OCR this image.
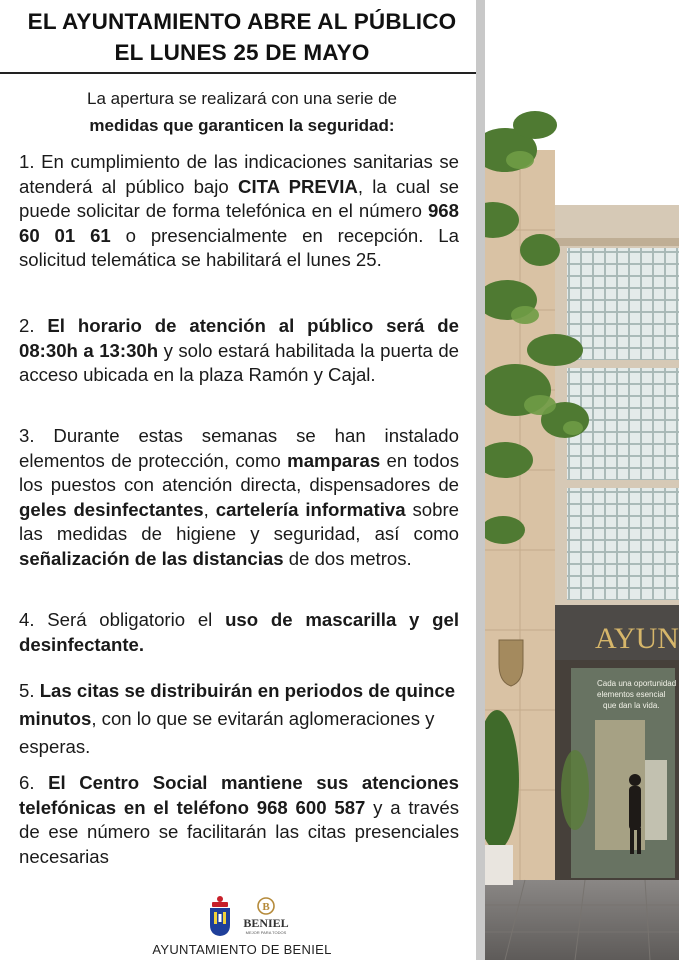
EL AYUNTAMIENTO ABRE AL PÚBLICO
EL LUNES 25 DE MAYO
La apertura se realizará con una serie de
medidas que garanticen la seguridad:
1. En cumplimiento de las indicaciones sanitarias se atenderá al público bajo CITA PREVIA, la cual se puede solicitar de forma telefónica en el número 968 60 01 61 o presencialmente en recepción. La solicitud telemática se habilitará el lunes 25.
2. El horario de atención al público será de 08:30h a 13:30h y solo estará habilitada la puerta de acceso ubicada en la plaza Ramón y Cajal.
3. Durante estas semanas se han instalado elementos de protección, como mamparas en todos los puestos con atención directa, dispensadores de geles desinfectantes, cartelería informativa sobre las medidas de higiene y seguridad, así como señalización de las distancias de dos metros.
4. Será obligatorio el uso de mascarilla y gel desinfectante.
5. Las citas se distribuirán en periodos de quince minutos, con lo que se evitarán aglomeraciones y esperas.
6. El Centro Social mantiene sus atenciones telefónicas en el teléfono 968 600 587 y a través de ese número se facilitarán las citas presenciales necesarias
B
BENIEL
MEJOR PARA TODOS
AYUNTAMIENTO DE BENIEL
AYUN
Cada una oportunidad
elementos esencial
que dan la vida.
